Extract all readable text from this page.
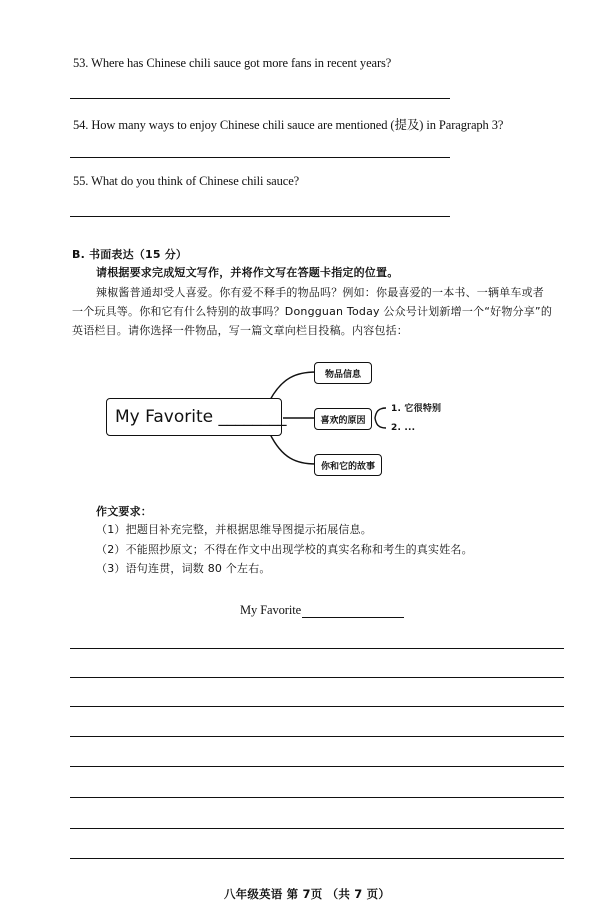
53. Where has Chinese chili sauce got more fans in recent years?
54. How many ways to enjoy Chinese chili sauce are mentioned (提及) in Paragraph 3?
55. What do you think of Chinese chili sauce?
B. 书面表达（15 分）
请根据要求完成短文写作，并将作文写在答题卡指定的位置。
辣椒酱普通却受人喜爱。你有爱不释手的物品吗？例如：你最喜爱的一本书、一辆单车或者
一个玩具等。你和它有什么特别的故事吗？Dongguan Today 公众号计划新增一个“好物分享”的
英语栏目。请你选择一件物品，写一篇文章向栏目投稿。内容包括：
My Favorite ________
物品信息
喜欢的原因
你和它的故事
1. 它很特别
2. ...
作文要求：
（1）把题目补充完整，并根据思维导图提示拓展信息。
（2）不能照抄原文；不得在作文中出现学校的真实名称和考生的真实姓名。
（3）语句连贯，词数 80 个左右。
My Favorite
八年级英语 第 7页 （共 7 页）
